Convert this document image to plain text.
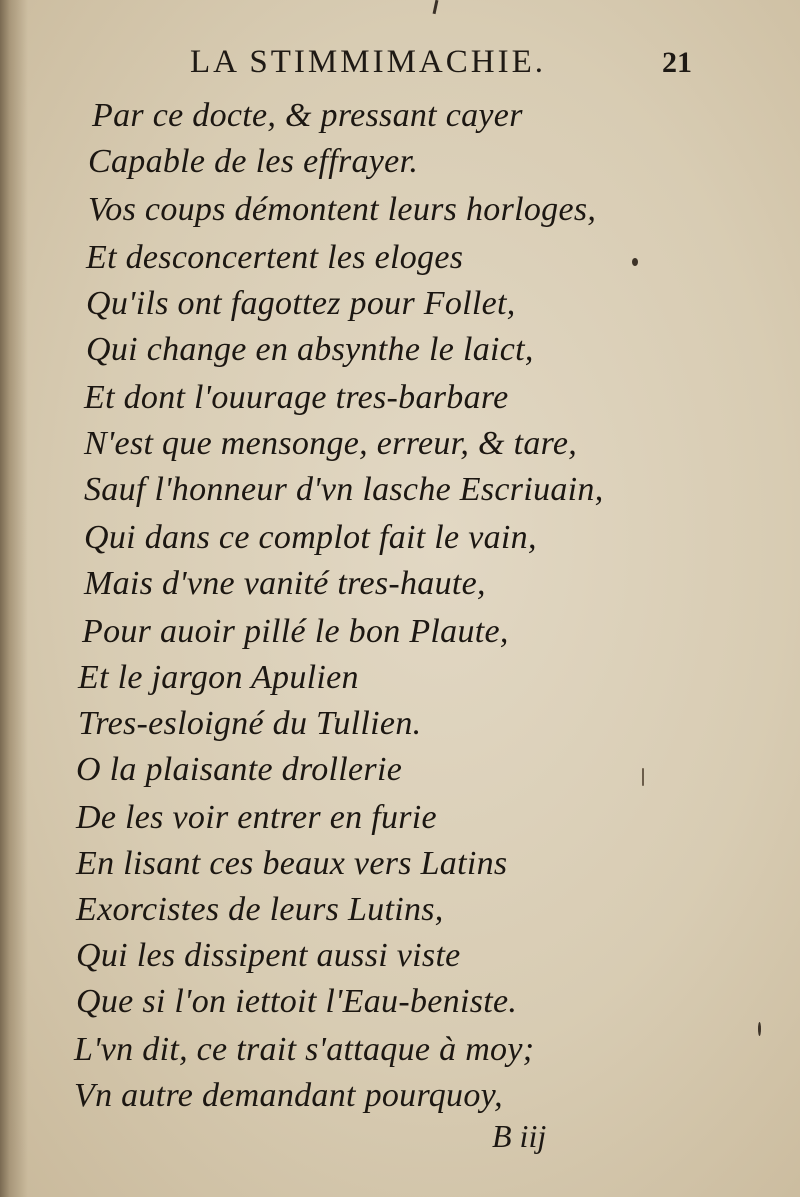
LA STIMMIMACHIE.	21
Par ce docte, & pressant cayer
Capable de les effrayer.
Vos coups démontent leurs horloges,
Et desconcertent les eloges
Qu'ils ont fagottez pour Follet,
Qui change en absynthe le laict,
Et dont l'ouurage tres-barbare
N'est que mensonge, erreur, & tare,
Sauf l'honneur d'vn lasche Escriuain,
Qui dans ce complot fait le vain,
Mais d'vne vanité tres-haute,
Pour auoir pillé le bon Plaute,
Et le jargon Apulien
Tres-esloigné du Tullien.
O la plaisante drollerie
De les voir entrer en furie
En lisant ces beaux vers Latins
Exorcistes de leurs Lutins,
Qui les dissipent aussi viste
Que si l'on iettoit l'Eau-beniste.
L'vn dit, ce trait s'attaque à moy;
Vn autre demandant pourquoy,
B iij
